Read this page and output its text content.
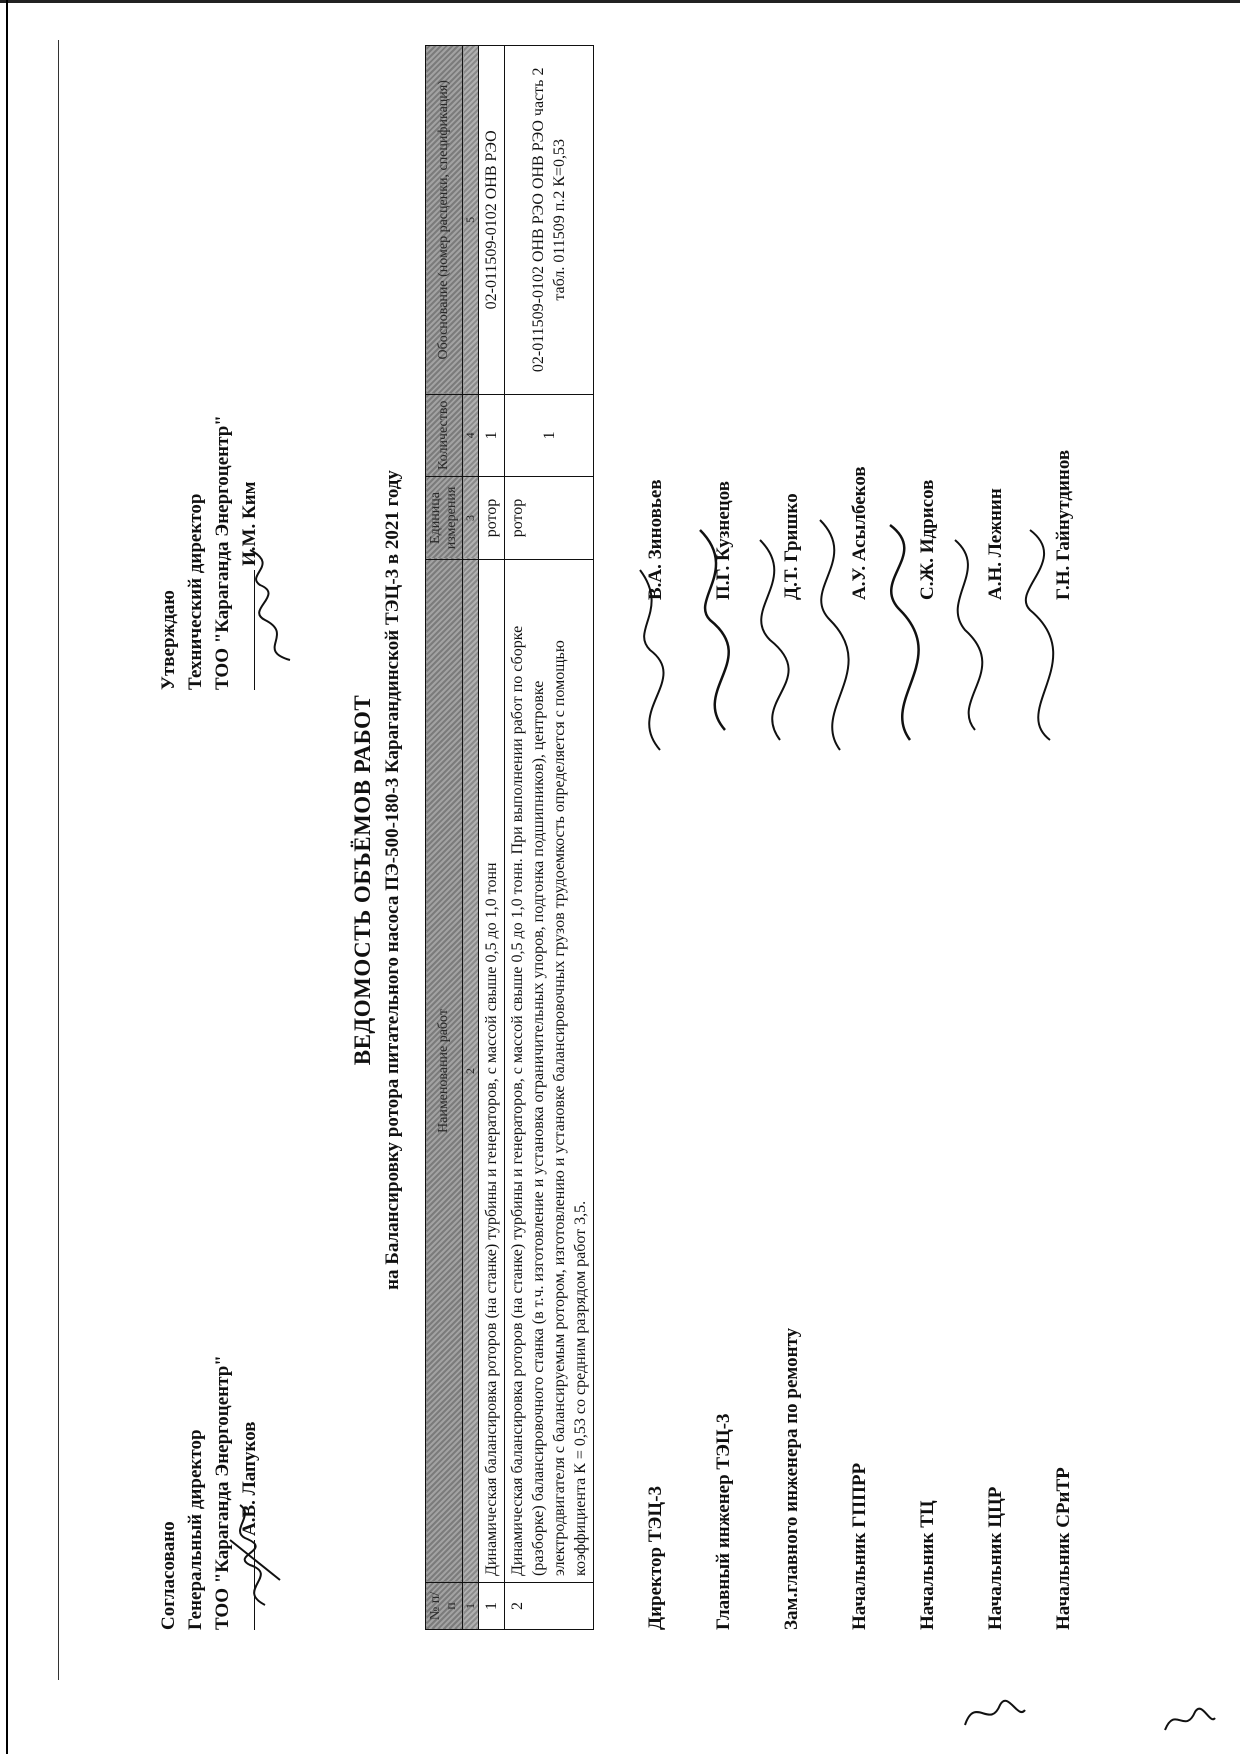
Согласовано Генеральный директор ТОО "Карагандa Энергоцентр" А.В. Лапуков
Утверждаю Технический директор ТОО "Караганда Энергоцентр" И.М. Ким
ВЕДОМОСТЬ ОБЪЁМОВ РАБОТ на Балансировку ротора питательного насоса ПЭ-500-180-3 Карагандинской ТЭЦ-3 в 2021 году
№ п/п	Наименование работ	Единица измерения	Количество	Обоснование (номер расценки, спецификация)
1	2	3	4	5
1	Динамическая балансировка роторов (на станке) турбины и генераторов, с массой свыше 0,5 до 1,0 тонн	ротор	1	02-011509-0102 ОНВ РЭО
2	Динамическая балансировка роторов (на станке) турбины и генераторов, с массой свыше 0,5 до 1,0 тонн. При выполнении работ по сборке (разборке) балансировочного станка (в т.ч. изготовление и установка ограничительных упоров, подгонка подшипников), центровке электродвигателя с балансируемым ротором, изготовлению и установке балансировочных грузов трудоемкость определяется с помощью коэффициента К = 0,53 со средним разрядом работ 3,5.	ротор	1	02-011509-0102 ОНВ РЭО ОНВ РЭО часть 2 табл. 011509 п.2 К=0,53
Директор ТЭЦ-3
В.А. Зиновьев
Главный инженер ТЭЦ-3
П.Г. Кузнецов
Зам.главного инженера по ремонту
Д.Т. Гришко
Начальник ГППРР
А.У. Асылбеков
Начальник ТЦ
С.Ж. Идрисов
Начальник ЦЦР
А.Н. Лежнин
Начальник СРиТР
Г.Н. Гайнутдинов
